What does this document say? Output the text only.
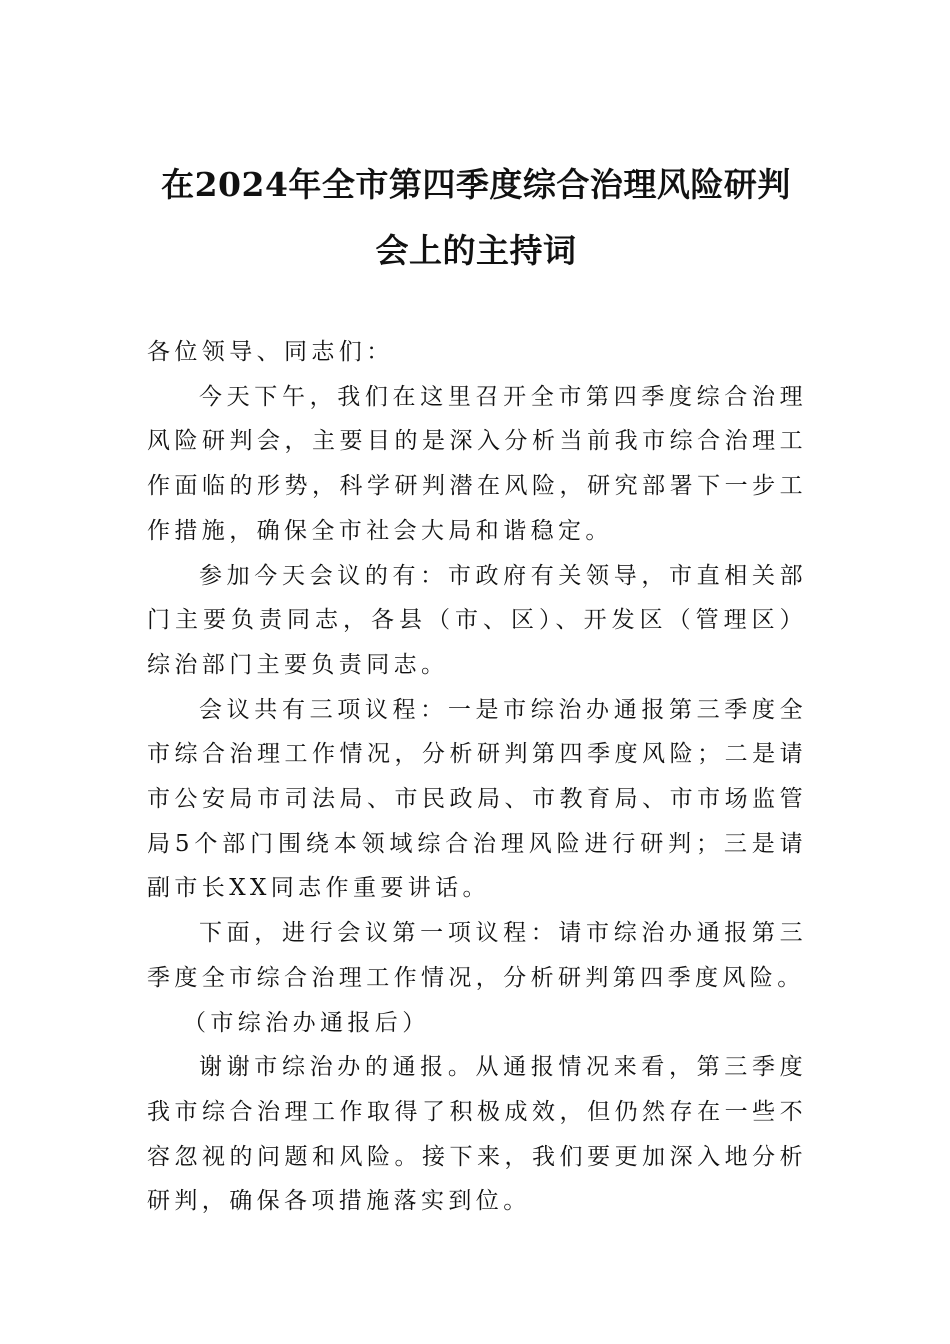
在2024年全市第四季度综合治理风险研判会上的主持词

各位领导、同志们：

今天下午，我们在这里召开全市第四季度综合治理风险研判会，主要目的是深入分析当前我市综合治理工作面临的形势，科学研判潜在风险，研究部署下一步工作措施，确保全市社会大局和谐稳定。

参加今天会议的有：市政府有关领导，市直相关部门主要负责同志，各县（市、区）、开发区（管理区）综治部门主要负责同志。

会议共有三项议程：一是市综治办通报第三季度全市综合治理工作情况，分析研判第四季度风险；二是请市公安局市司法局、市民政局、市教育局、市市场监管局5个部门围绕本领域综合治理风险进行研判；三是请副市长XX同志作重要讲话。

下面，进行会议第一项议程：请市综治办通报第三季度全市综合治理工作情况，分析研判第四季度风险。

（市综治办通报后）

谢谢市综治办的通报。从通报情况来看，第三季度我市综合治理工作取得了积极成效，但仍然存在一些不容忽视的问题和风险。接下来，我们要更加深入地分析研判，确保各项措施落实到位。
